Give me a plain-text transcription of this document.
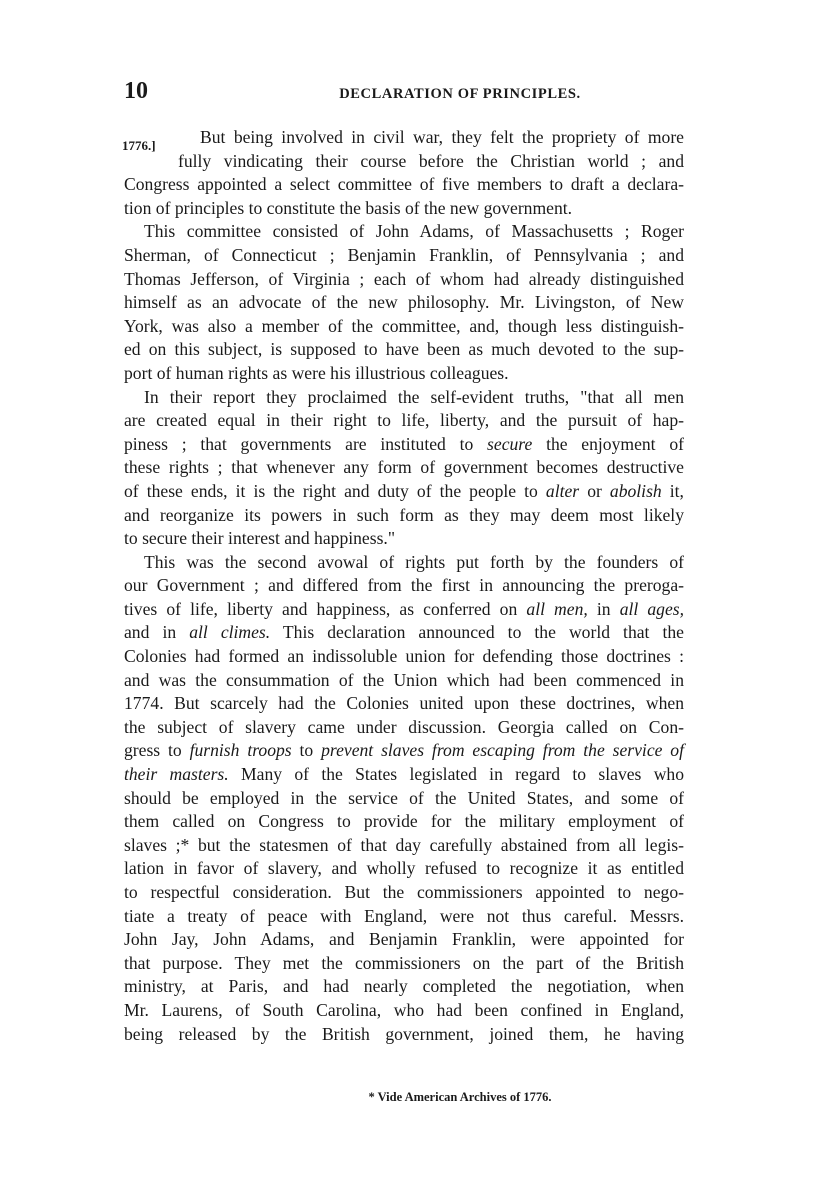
10	DECLARATION OF PRINCIPLES.
1776.]	But being involved in civil war, they felt the propriety of more
fully vindicating their course before the Christian world ; and
Congress appointed a select committee of five members to draft a declara-
tion of principles to constitute the basis of the new government.
This committee consisted of John Adams, of Massachusetts ; Roger
Sherman, of Connecticut ; Benjamin Franklin, of Pennsylvania ; and
Thomas Jefferson, of Virginia ; each of whom had already distinguished
himself as an advocate of the new philosophy. Mr. Livingston, of New
York, was also a member of the committee, and, though less distinguish-
ed on this subject, is supposed to have been as much devoted to the sup-
port of human rights as were his illustrious colleagues.
In their report they proclaimed the self-evident truths, "that all men
are created equal in their right to life, liberty, and the pursuit of hap-
piness ; that governments are instituted to secure the enjoyment of
these rights ; that whenever any form of government becomes destructive
of these ends, it is the right and duty of the people to alter or abolish it,
and reorganize its powers in such form as they may deem most likely
to secure their interest and happiness."
This was the second avowal of rights put forth by the founders of
our Government ; and differed from the first in announcing the preroga-
tives of life, liberty and happiness, as conferred on all men, in all ages,
and in all climes. This declaration announced to the world that the
Colonies had formed an indissoluble union for defending those doctrines :
and was the consummation of the Union which had been commenced in
1774. But scarcely had the Colonies united upon these doctrines, when
the subject of slavery came under discussion. Georgia called on Con-
gress to furnish troops to prevent slaves from escaping from the service of
their masters. Many of the States legislated in regard to slaves who
should be employed in the service of the United States, and some of
them called on Congress to provide for the military employment of
slaves ;* but the statesmen of that day carefully abstained from all legis-
lation in favor of slavery, and wholly refused to recognize it as entitled
to respectful consideration. But the commissioners appointed to nego-
tiate a treaty of peace with England, were not thus careful. Messrs.
John Jay, John Adams, and Benjamin Franklin, were appointed for
that purpose. They met the commissioners on the part of the British
ministry, at Paris, and had nearly completed the negotiation, when
Mr. Laurens, of South Carolina, who had been confined in England,
being released by the British government, joined them, he having
* Vide American Archives of 1776.
